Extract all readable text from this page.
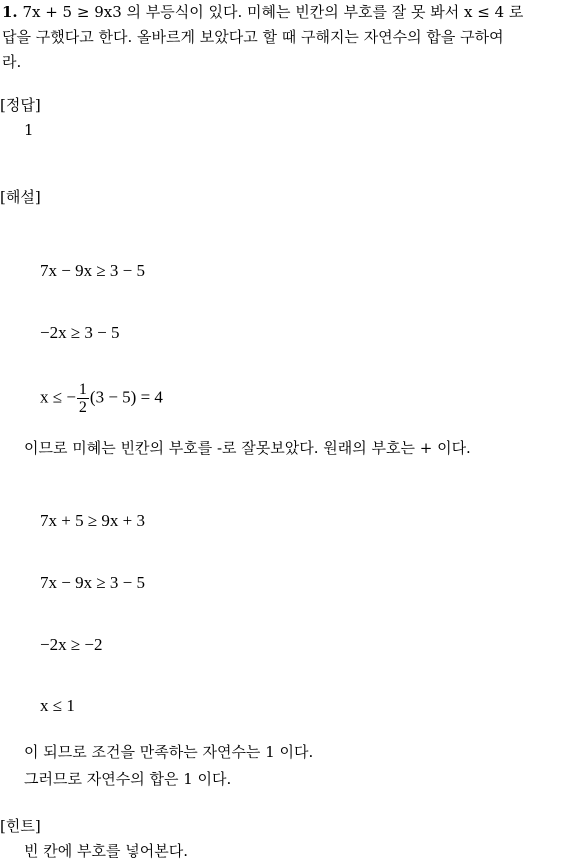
1. 7x + 5 ≥ 9x3 의 부등식이 있다. 미혜는 빈칸의 부호를 잘 못 봐서 x ≤ 4 로
답을 구했다고 한다. 올바르게 보았다고 할 때 구해지는 자연수의 합을 구하여
라.
[정답]
1
[해설]
7x − 9x ≥ 3 − 5
−2x ≥ 3 − 5
x ≤ − $\frac{1}{2} (3 - 5) = 4$
이므로 미혜는 빈칸의 부호를 -로 잘못보았다. 원래의 부호는 + 이다.
7x + 5 ≥ 9x + 3
7x − 9x ≥ 3 − 5
−2x ≥ −2
x ≤ 1
이 되므로 조건을 만족하는 자연수는 1 이다.
그러므로 자연수의 합은 1 이다.
[힌트]
빈 칸에 부호를 넣어본다.
